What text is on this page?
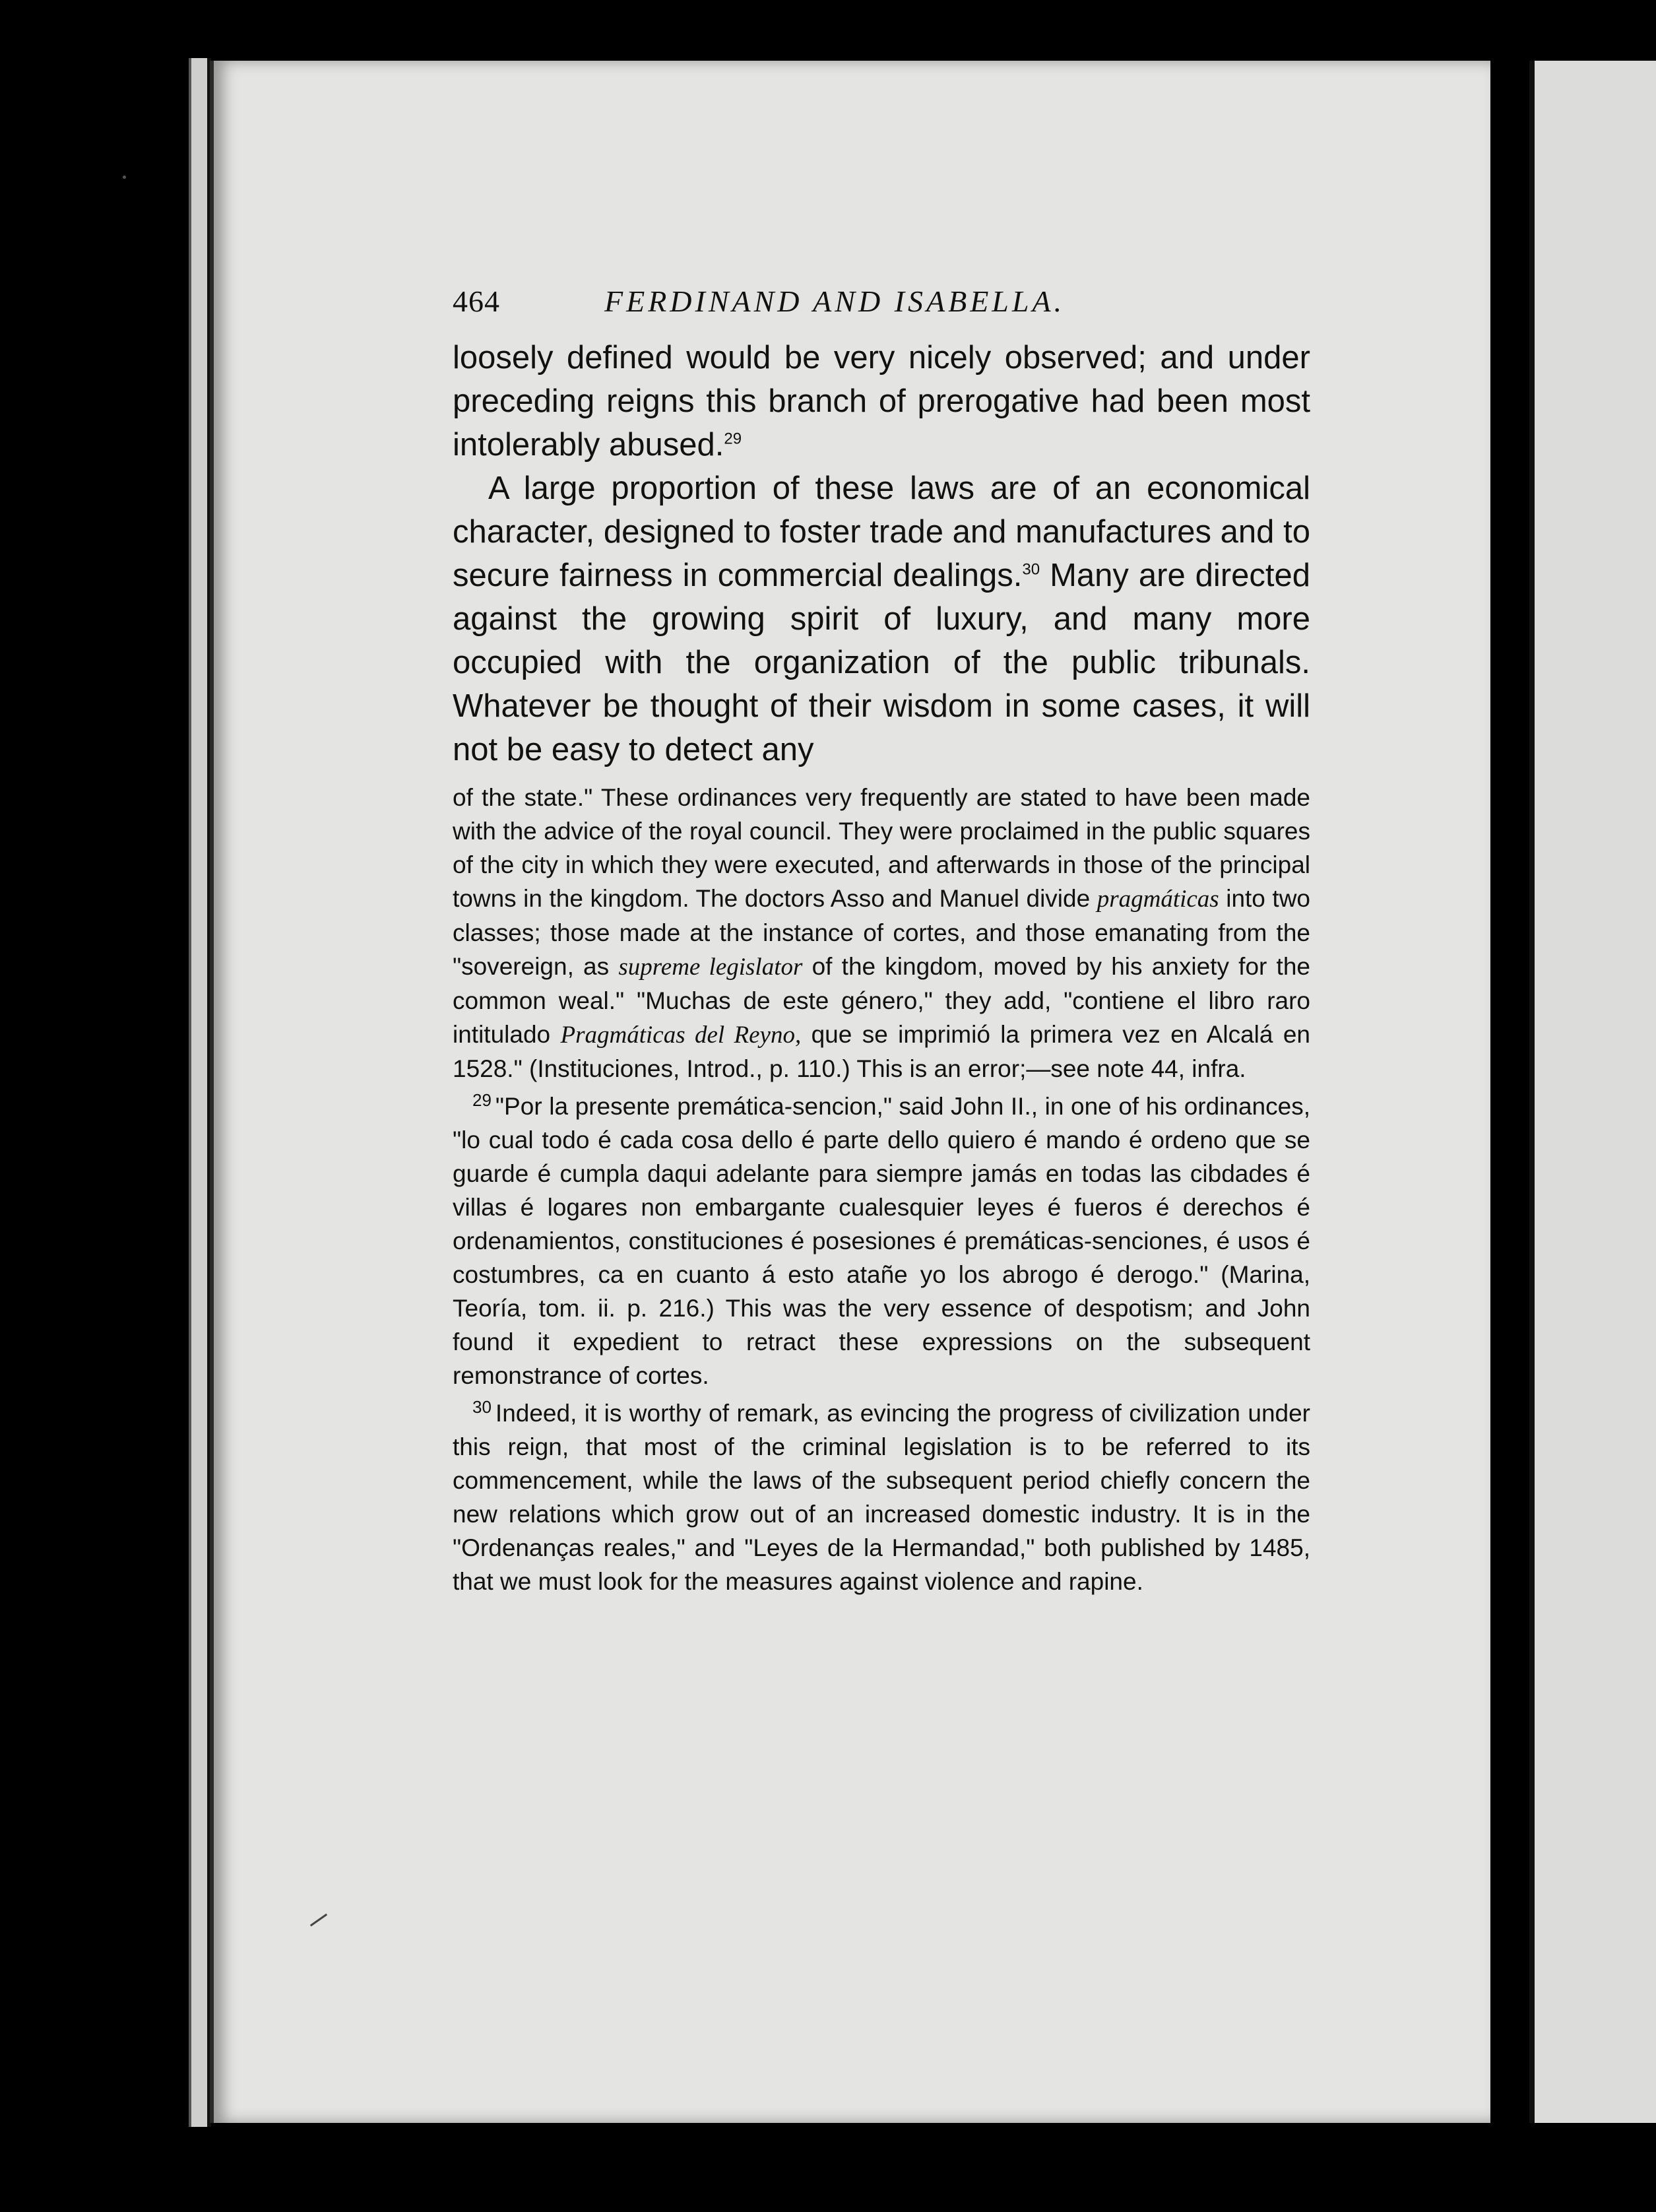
464	FERDINAND AND ISABELLA.

loosely defined would be very nicely observed; and under preceding reigns this branch of prerogative had been most intolerably abused.$^{29}$

A large proportion of these laws are of an economical character, designed to foster trade and manufactures and to secure fairness in commercial dealings.$^{30}$ Many are directed against the growing spirit of luxury, and many more occupied with the organization of the public tribunals. Whatever be thought of their wisdom in some cases, it will not be easy to detect any

of the state." These ordinances very frequently are stated to have been made with the advice of the royal council. They were proclaimed in the public squares of the city in which they were executed, and afterwards in those of the principal towns in the kingdom. The doctors Asso and Manuel divide pragmáticas into two classes; those made at the instance of cortes, and those emanating from the "sovereign, as supreme legislator of the kingdom, moved by his anxiety for the common weal." "Muchas de este género," they add, "contiene el libro raro intitulado Pragmáticas del Reyno, que se imprimió la primera vez en Alcalá en 1528." (Instituciones, Introd., p. 110.) This is an error;—see note 44, infra.

$^{29}$ "Por la presente premática-sencion," said John II., in one of his ordinances, "lo cual todo é cada cosa dello é parte dello quiero é mando é ordeno que se guarde é cumpla daqui adelante para siempre jamás en todas las cibdades é villas é logares non embargante cualesquier leyes é fueros é derechos é ordenamientos, constituciones é posesiones é premáticas-senciones, é usos é costumbres, ca en cuanto á esto atañe yo los abrogo é derogo." (Marina, Teoría, tom. ii. p. 216.) This was the very essence of despotism; and John found it expedient to retract these expressions on the subsequent remonstrance of cortes.

$^{30}$ Indeed, it is worthy of remark, as evincing the progress of civilization under this reign, that most of the criminal legislation is to be referred to its commencement, while the laws of the subsequent period chiefly concern the new relations which grow out of an increased domestic industry. It is in the "Ordenanças reales," and "Leyes de la Hermandad," both published by 1485, that we must look for the measures against violence and rapine.
